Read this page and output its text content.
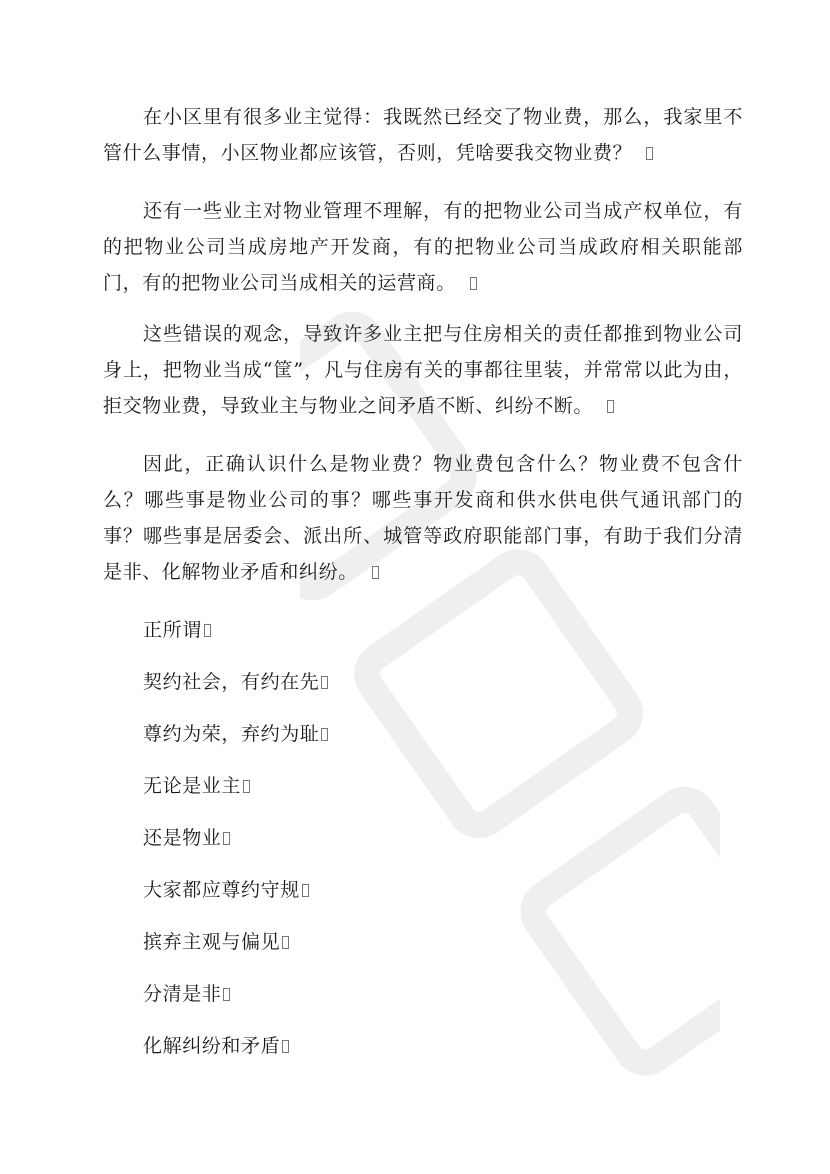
在小区里有很多业主觉得：我既然已经交了物业费，那么，我家里不管什么事情，小区物业都应该管，否则，凭啥要我交物业费？

还有一些业主对物业管理不理解，有的把物业公司当成产权单位，有的把物业公司当成房地产开发商，有的把物业公司当成政府相关职能部门，有的把物业公司当成相关的运营商。

这些错误的观念，导致许多业主把与住房相关的责任都推到物业公司身上，把物业当成“筐”，凡与住房有关的事都往里装，并常常以此为由，拒交物业费，导致业主与物业之间矛盾不断、纠纷不断。

因此，正确认识什么是物业费？物业费包含什么？物业费不包含什么？哪些事是物业公司的事？哪些事开发商和供水供电供气通讯部门的事？哪些事是居委会、派出所、城管等政府职能部门事，有助于我们分清是非、化解物业矛盾和纠纷。

正所谓

契约社会，有约在先

尊约为荣，弃约为耻

无论是业主

还是物业

大家都应尊约守规

摈弃主观与偏见

分清是非

化解纠纷和矛盾
